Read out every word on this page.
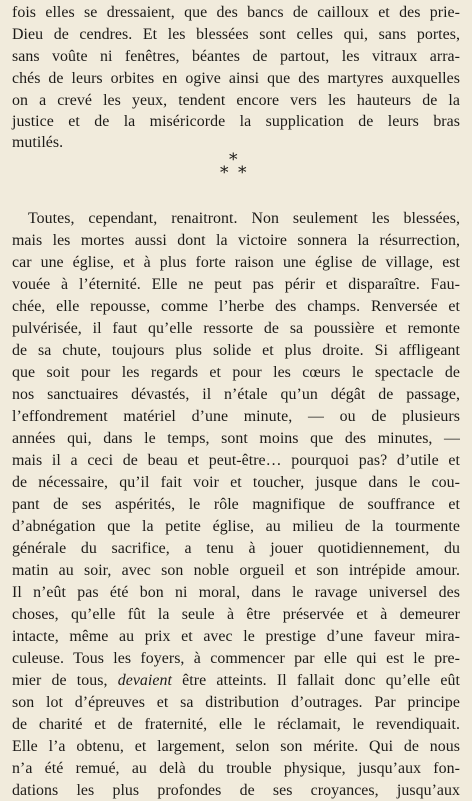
fois elles se dressaient, que des bancs de cailloux et des prie-
Dieu de cendres. Et les blessées sont celles qui, sans portes,
sans voûte ni fenêtres, béantes de partout, les vitraux arra-
chés de leurs orbites en ogive ainsi que des martyres auxquelles
on a crevé les yeux, tendent encore vers les hauteurs de la
justice et de la miséricorde la supplication de leurs bras
mutilés.
*
* *
Toutes, cependant, renaitront. Non seulement les blessées,
mais les mortes aussi dont la victoire sonnera la résurrection,
car une église, et à plus forte raison une église de village, est
vouée à l’éternité. Elle ne peut pas périr et disparaître. Fau-
chée, elle repousse, comme l’herbe des champs. Renversée et
pulvérisée, il faut qu’elle ressorte de sa poussière et remonte
de sa chute, toujours plus solide et plus droite. Si affligeant
que soit pour les regards et pour les cœurs le spectacle de
nos sanctuaires dévastés, il n’étale qu’un dégât de passage,
l’effondrement matériel d’une minute, — ou de plusieurs
années qui, dans le temps, sont moins que des minutes, —
mais il a ceci de beau et peut-être… pourquoi pas? d’utile et
de nécessaire, qu’il fait voir et toucher, jusque dans le cou-
pant de ses aspérités, le rôle magnifique de souffrance et
d’abnégation que la petite église, au milieu de la tourmente
générale du sacrifice, a tenu à jouer quotidiennement, du
matin au soir, avec son noble orgueil et son intrépide amour.
Il n’eût pas été bon ni moral, dans le ravage universel des
choses, qu’elle fût la seule à être préservée et à demeurer
intacte, même au prix et avec le prestige d’une faveur mira-
culeuse. Tous les foyers, à commencer par elle qui est le pre-
mier de tous, devaient être atteints. Il fallait donc qu’elle eût
son lot d’épreuves et sa distribution d’outrages. Par principe
de charité et de fraternité, elle le réclamait, le revendiquait.
Elle l’a obtenu, et largement, selon son mérite. Qui de nous
n’a été remué, au delà du trouble physique, jusqu’aux fon-
dations les plus profondes de ses croyances, jusqu’aux
